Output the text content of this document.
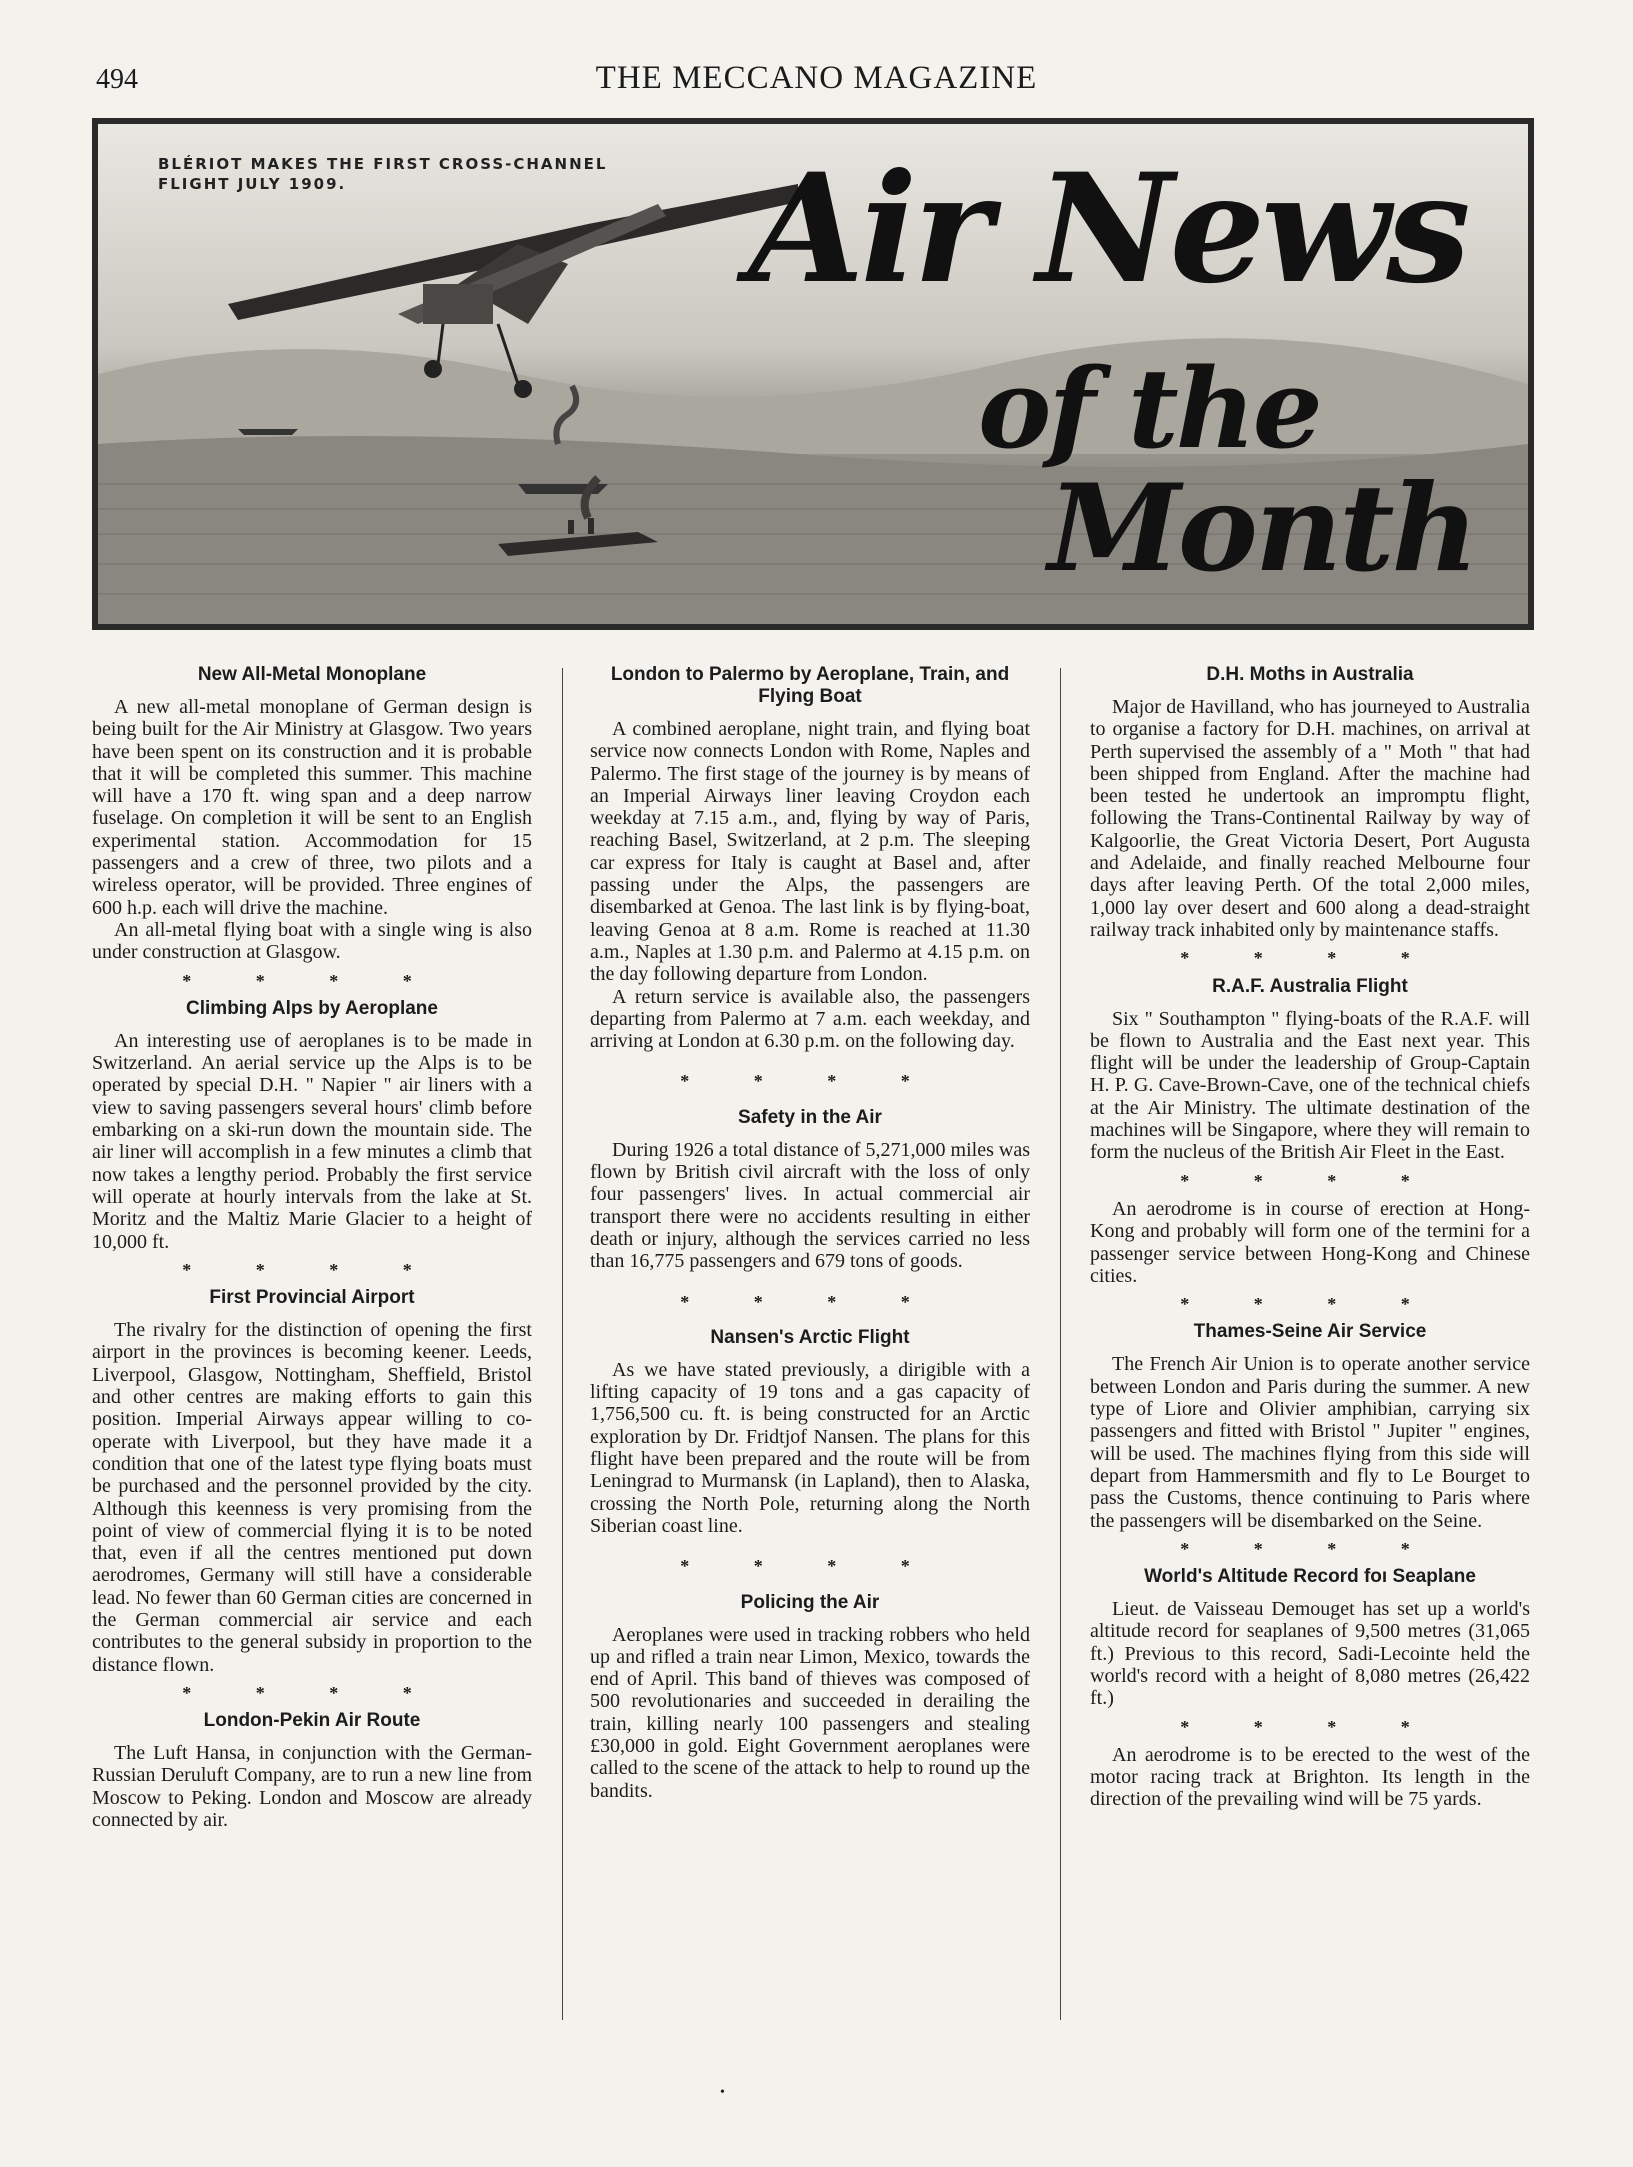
494	THE MECCANO MAGAZINE
BLÉRIOT MAKES THE FIRST CROSS-CHANNEL
FLIGHT JULY 1909.	Air News
of the
Month
New All-Metal Monoplane

A new all-metal monoplane of German design is being built for the Air Ministry at Glasgow. Two years have been spent on its construction and it is probable that it will be completed this summer. This machine will have a 170 ft. wing span and a deep narrow fuselage. On completion it will be sent to an English experimental station. Accommodation for 15 passengers and a crew of three, two pilots and a wireless operator, will be provided. Three engines of 600 h.p. each will drive the machine.

An all-metal flying boat with a single wing is also under construction at Glasgow.

* * * *
Climbing Alps by Aeroplane

An interesting use of aeroplanes is to be made in Switzerland. An aerial service up the Alps is to be operated by special D.H. " Napier " air liners with a view to saving passengers several hours' climb before embarking on a ski-run down the mountain side. The air liner will accomplish in a few minutes a climb that now takes a lengthy period. Probably the first service will operate at hourly intervals from the lake at St. Moritz and the Maltiz Marie Glacier to a height of 10,000 ft.

* * * *
First Provincial Airport

The rivalry for the distinction of opening the first airport in the provinces is becoming keener. Leeds, Liverpool, Glasgow, Nottingham, Sheffield, Bristol and other centres are making efforts to gain this position. Imperial Airways appear willing to co-operate with Liverpool, but they have made it a condition that one of the latest type flying boats must be purchased and the personnel provided by the city. Although this keenness is very promising from the point of view of commercial flying it is to be noted that, even if all the centres mentioned put down aerodromes, Germany will still have a considerable lead. No fewer than 60 German cities are concerned in the German commercial air service and each contributes to the general subsidy in proportion to the distance flown.

* * * *
London-Pekin Air Route

The Luft Hansa, in conjunction with the German-Russian Deruluft Company, are to run a new line from Moscow to Peking. London and Moscow are already connected by air.

London to Palermo by Aeroplane, Train, and Flying Boat

A combined aeroplane, night train, and flying boat service now connects London with Rome, Naples and Palermo. The first stage of the journey is by means of an Imperial Airways liner leaving Croydon each weekday at 7.15 a.m., and, flying by way of Paris, reaching Basel, Switzerland, at 2 p.m. The sleeping car express for Italy is caught at Basel and, after passing under the Alps, the passengers are disembarked at Genoa. The last link is by flying-boat, leaving Genoa at 8 a.m. Rome is reached at 11.30 a.m., Naples at 1.30 p.m. and Palermo at 4.15 p.m. on the day following departure from London.

A return service is available also, the passengers departing from Palermo at 7 a.m. each weekday, and arriving at London at 6.30 p.m. on the following day.

* * * *
Safety in the Air

During 1926 a total distance of 5,271,000 miles was flown by British civil aircraft with the loss of only four passengers' lives. In actual commercial air transport there were no accidents resulting in either death or injury, although the services carried no less than 16,775 passengers and 679 tons of goods.

* * * *
Nansen's Arctic Flight

As we have stated previously, a dirigible with a lifting capacity of 19 tons and a gas capacity of 1,756,500 cu. ft. is being constructed for an Arctic exploration by Dr. Fridtjof Nansen. The plans for this flight have been prepared and the route will be from Leningrad to Murmansk (in Lapland), then to Alaska, crossing the North Pole, returning along the North Siberian coast line.

* * * *
Policing the Air

Aeroplanes were used in tracking robbers who held up and rifled a train near Limon, Mexico, towards the end of April. This band of thieves was composed of 500 revolutionaries and succeeded in derailing the train, killing nearly 100 passengers and stealing £30,000 in gold. Eight Government aeroplanes were called to the scene of the attack to help to round up the bandits.

D.H. Moths in Australia

Major de Havilland, who has journeyed to Australia to organise a factory for D.H. machines, on arrival at Perth supervised the assembly of a " Moth " that had been shipped from England. After the machine had been tested he undertook an impromptu flight, following the Trans-Continental Railway by way of Kalgoorlie, the Great Victoria Desert, Port Augusta and Adelaide, and finally reached Melbourne four days after leaving Perth. Of the total 2,000 miles, 1,000 lay over desert and 600 along a dead-straight railway track inhabited only by maintenance staffs.

* * * *
R.A.F. Australia Flight

Six " Southampton " flying-boats of the R.A.F. will be flown to Australia and the East next year. This flight will be under the leadership of Group-Captain H. P. G. Cave-Brown-Cave, one of the technical chiefs at the Air Ministry. The ultimate destination of the machines will be Singapore, where they will remain to form the nucleus of the British Air Fleet in the East.

* * * *

An aerodrome is in course of erection at Hong-Kong and probably will form one of the termini for a passenger service between Hong-Kong and Chinese cities.

* * * *
Thames-Seine Air Service

The French Air Union is to operate another service between London and Paris during the summer. A new type of Liore and Olivier amphibian, carrying six passengers and fitted with Bristol " Jupiter " engines, will be used. The machines flying from this side will depart from Hammersmith and fly to Le Bourget to pass the Customs, thence continuing to Paris where the passengers will be disembarked on the Seine.

* * * *
World's Altitude Record foı Seaplane

Lieut. de Vaisseau Demouget has set up a world's altitude record for seaplanes of 9,500 metres (31,065 ft.) Previous to this record, Sadi-Lecointe held the world's record with a height of 8,080 metres (26,422 ft.)

* * * *

An aerodrome is to be erected to the west of the motor racing track at Brighton. Its length in the direction of the prevailing wind will be 75 yards.

•
